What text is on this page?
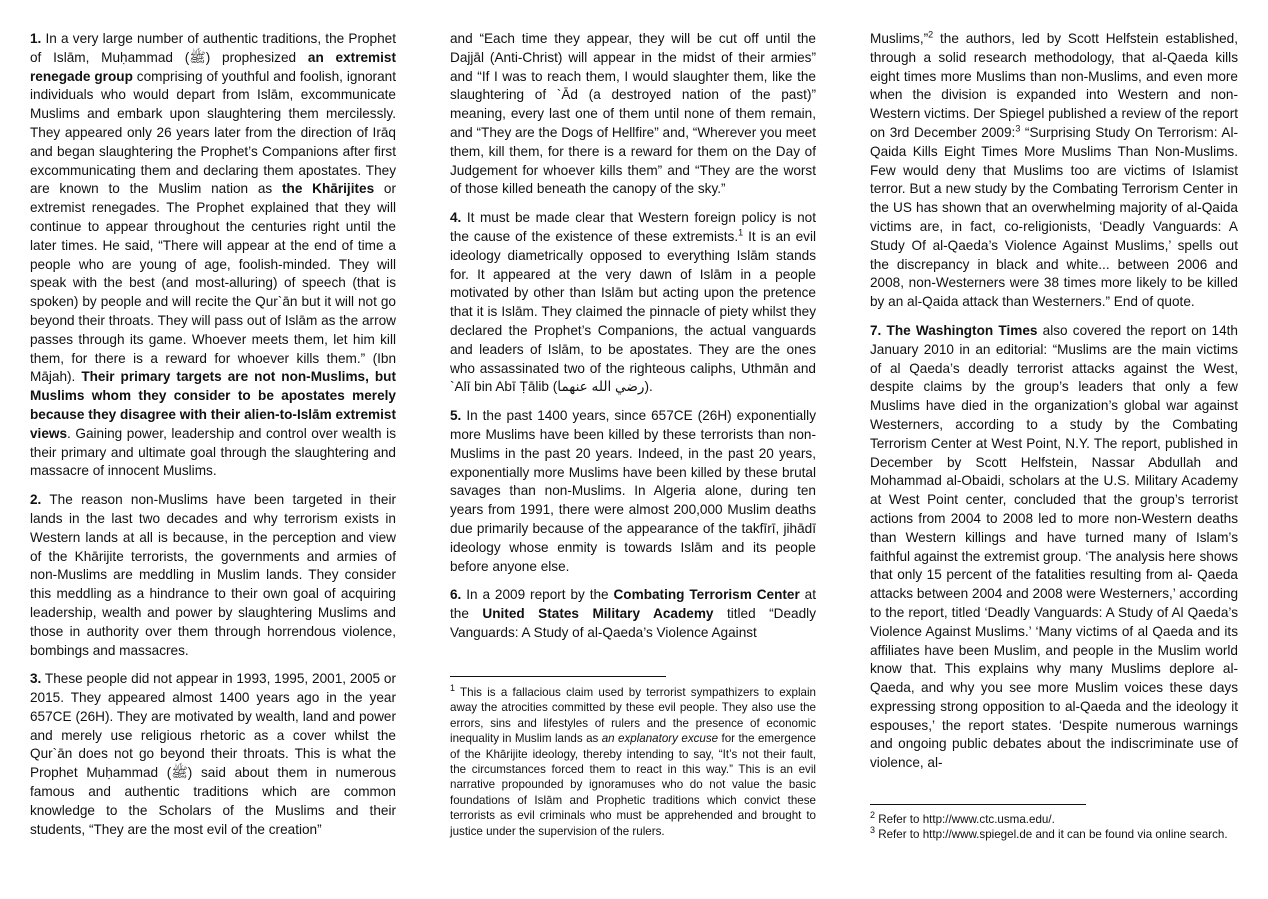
1. In a very large number of authentic traditions, the Prophet of Islām, Muḥammad (ﷺ) prophesized an extremist renegade group comprising of youthful and foolish, ignorant individuals who would depart from Islām, excommunicate Muslims and embark upon slaughtering them mercilessly. They appeared only 26 years later from the direction of Irāq and began slaughtering the Prophet’s Companions after first excommunicating them and declaring them apostates. They are known to the Muslim nation as the Khārijites or extremist renegades. The Prophet explained that they will continue to appear throughout the centuries right until the later times. He said, “There will appear at the end of time a people who are young of age, foolish-minded. They will speak with the best (and most-alluring) of speech (that is spoken) by people and will recite the Qur`ān but it will not go beyond their throats. They will pass out of Islām as the arrow passes through its game. Whoever meets them, let him kill them, for there is a reward for whoever kills them.” (Ibn Mājah). Their primary targets are not non-Muslims, but Muslims whom they consider to be apostates merely because they disagree with their alien-to-Islām extremist views. Gaining power, leadership and control over wealth is their primary and ultimate goal through the slaughtering and massacre of innocent Muslims.

2. The reason non-Muslims have been targeted in their lands in the last two decades and why terrorism exists in Western lands at all is because, in the perception and view of the Khārijite terrorists, the governments and armies of non-Muslims are meddling in Muslim lands. They consider this meddling as a hindrance to their own goal of acquiring leadership, wealth and power by slaughtering Muslims and those in authority over them through horrendous violence, bombings and massacres.

3. These people did not appear in 1993, 1995, 2001, 2005 or 2015. They appeared almost 1400 years ago in the year 657CE (26H). They are motivated by wealth, land and power and merely use religious rhetoric as a cover whilst the Qur`ān does not go beyond their throats. This is what the Prophet Muḥammad (ﷺ) said about them in numerous famous and authentic traditions which are common knowledge to the Scholars of the Muslims and their students, “They are the most evil of the creation”

and “Each time they appear, they will be cut off until the Dajjāl (Anti-Christ) will appear in the midst of their armies” and “If I was to reach them, I would slaughter them, like the slaughtering of `Ād (a destroyed nation of the past)” meaning, every last one of them until none of them remain, and “They are the Dogs of Hellfire” and, “Wherever you meet them, kill them, for there is a reward for them on the Day of Judgement for whoever kills them” and “They are the worst of those killed beneath the canopy of the sky.”

4. It must be made clear that Western foreign policy is not the cause of the existence of these extremists.$^1$ It is an evil ideology diametrically opposed to everything Islām stands for. It appeared at the very dawn of Islām in a people motivated by other than Islām but acting upon the pretence that it is Islām. They claimed the pinnacle of piety whilst they declared the Prophet’s Companions, the actual vanguards and leaders of Islām, to be apostates. They are the ones who assassinated two of the righteous caliphs, Uthmān and `Alī bin Abī Ṭālib (رضي الله عنهما).

5. In the past 1400 years, since 657CE (26H) exponentially more Muslims have been killed by these terrorists than non-Muslims in the past 20 years. Indeed, in the past 20 years, exponentially more Muslims have been killed by these brutal savages than non-Muslims. In Algeria alone, during ten years from 1991, there were almost 200,000 Muslim deaths due primarily because of the appearance of the takfīrī, jihādī ideology whose enmity is towards Islām and its people before anyone else.

6. In a 2009 report by the Combating Terrorism Center at the United States Military Academy titled “Deadly Vanguards: A Study of al-Qaeda’s Violence Against

$^1$ This is a fallacious claim used by terrorist sympathizers to explain away the atrocities committed by these evil people. They also use the errors, sins and lifestyles of rulers and the presence of economic inequality in Muslim lands as an explanatory excuse for the emergence of the Khārijite ideology, thereby intending to say, “It’s not their fault, the circumstances forced them to react in this way.” This is an evil narrative propounded by ignoramuses who do not value the basic foundations of Islām and Prophetic traditions which convict these terrorists as evil criminals who must be apprehended and brought to justice under the supervision of the rulers.

Muslims,”$^2$ the authors, led by Scott Helfstein established, through a solid research methodology, that al-Qaeda kills eight times more Muslims than non-Muslims, and even more when the division is expanded into Western and non-Western victims. Der Spiegel published a review of the report on 3rd December 2009:$^3$ “Surprising Study On Terrorism: Al-Qaida Kills Eight Times More Muslims Than Non-Muslims. Few would deny that Muslims too are victims of Islamist terror. But a new study by the Combating Terrorism Center in the US has shown that an overwhelming majority of al-Qaida victims are, in fact, co-religionists, ‘Deadly Vanguards: A Study Of al-Qaeda’s Violence Against Muslims,’ spells out the discrepancy in black and white... between 2006 and 2008, non-Westerners were 38 times more likely to be killed by an al-Qaida attack than Westerners.” End of quote.

7. The Washington Times also covered the report on 14th January 2010 in an editorial: “Muslims are the main victims of al Qaeda’s deadly terrorist attacks against the West, despite claims by the group’s leaders that only a few Muslims have died in the organization’s global war against Westerners, according to a study by the Combating Terrorism Center at West Point, N.Y. The report, published in December by Scott Helfstein, Nassar Abdullah and Mohammad al-Obaidi, scholars at the U.S. Military Academy at West Point center, concluded that the group’s terrorist actions from 2004 to 2008 led to more non-Western deaths than Western killings and have turned many of Islam’s faithful against the extremist group. ‘The analysis here shows that only 15 percent of the fatalities resulting from al- Qaeda attacks between 2004 and 2008 were Westerners,’ according to the report, titled ‘Deadly Vanguards: A Study of Al Qaeda’s Violence Against Muslims.’ ‘Many victims of al Qaeda and its affiliates have been Muslim, and people in the Muslim world know that. This explains why many Muslims deplore al-Qaeda, and why you see more Muslim voices these days expressing strong opposition to al-Qaeda and the ideology it espouses,’ the report states. ‘Despite numerous warnings and ongoing public debates about the indiscriminate use of violence, al-

$^2$ Refer to http://www.ctc.usma.edu/.

$^3$ Refer to http://www.spiegel.de and it can be found via online search.
